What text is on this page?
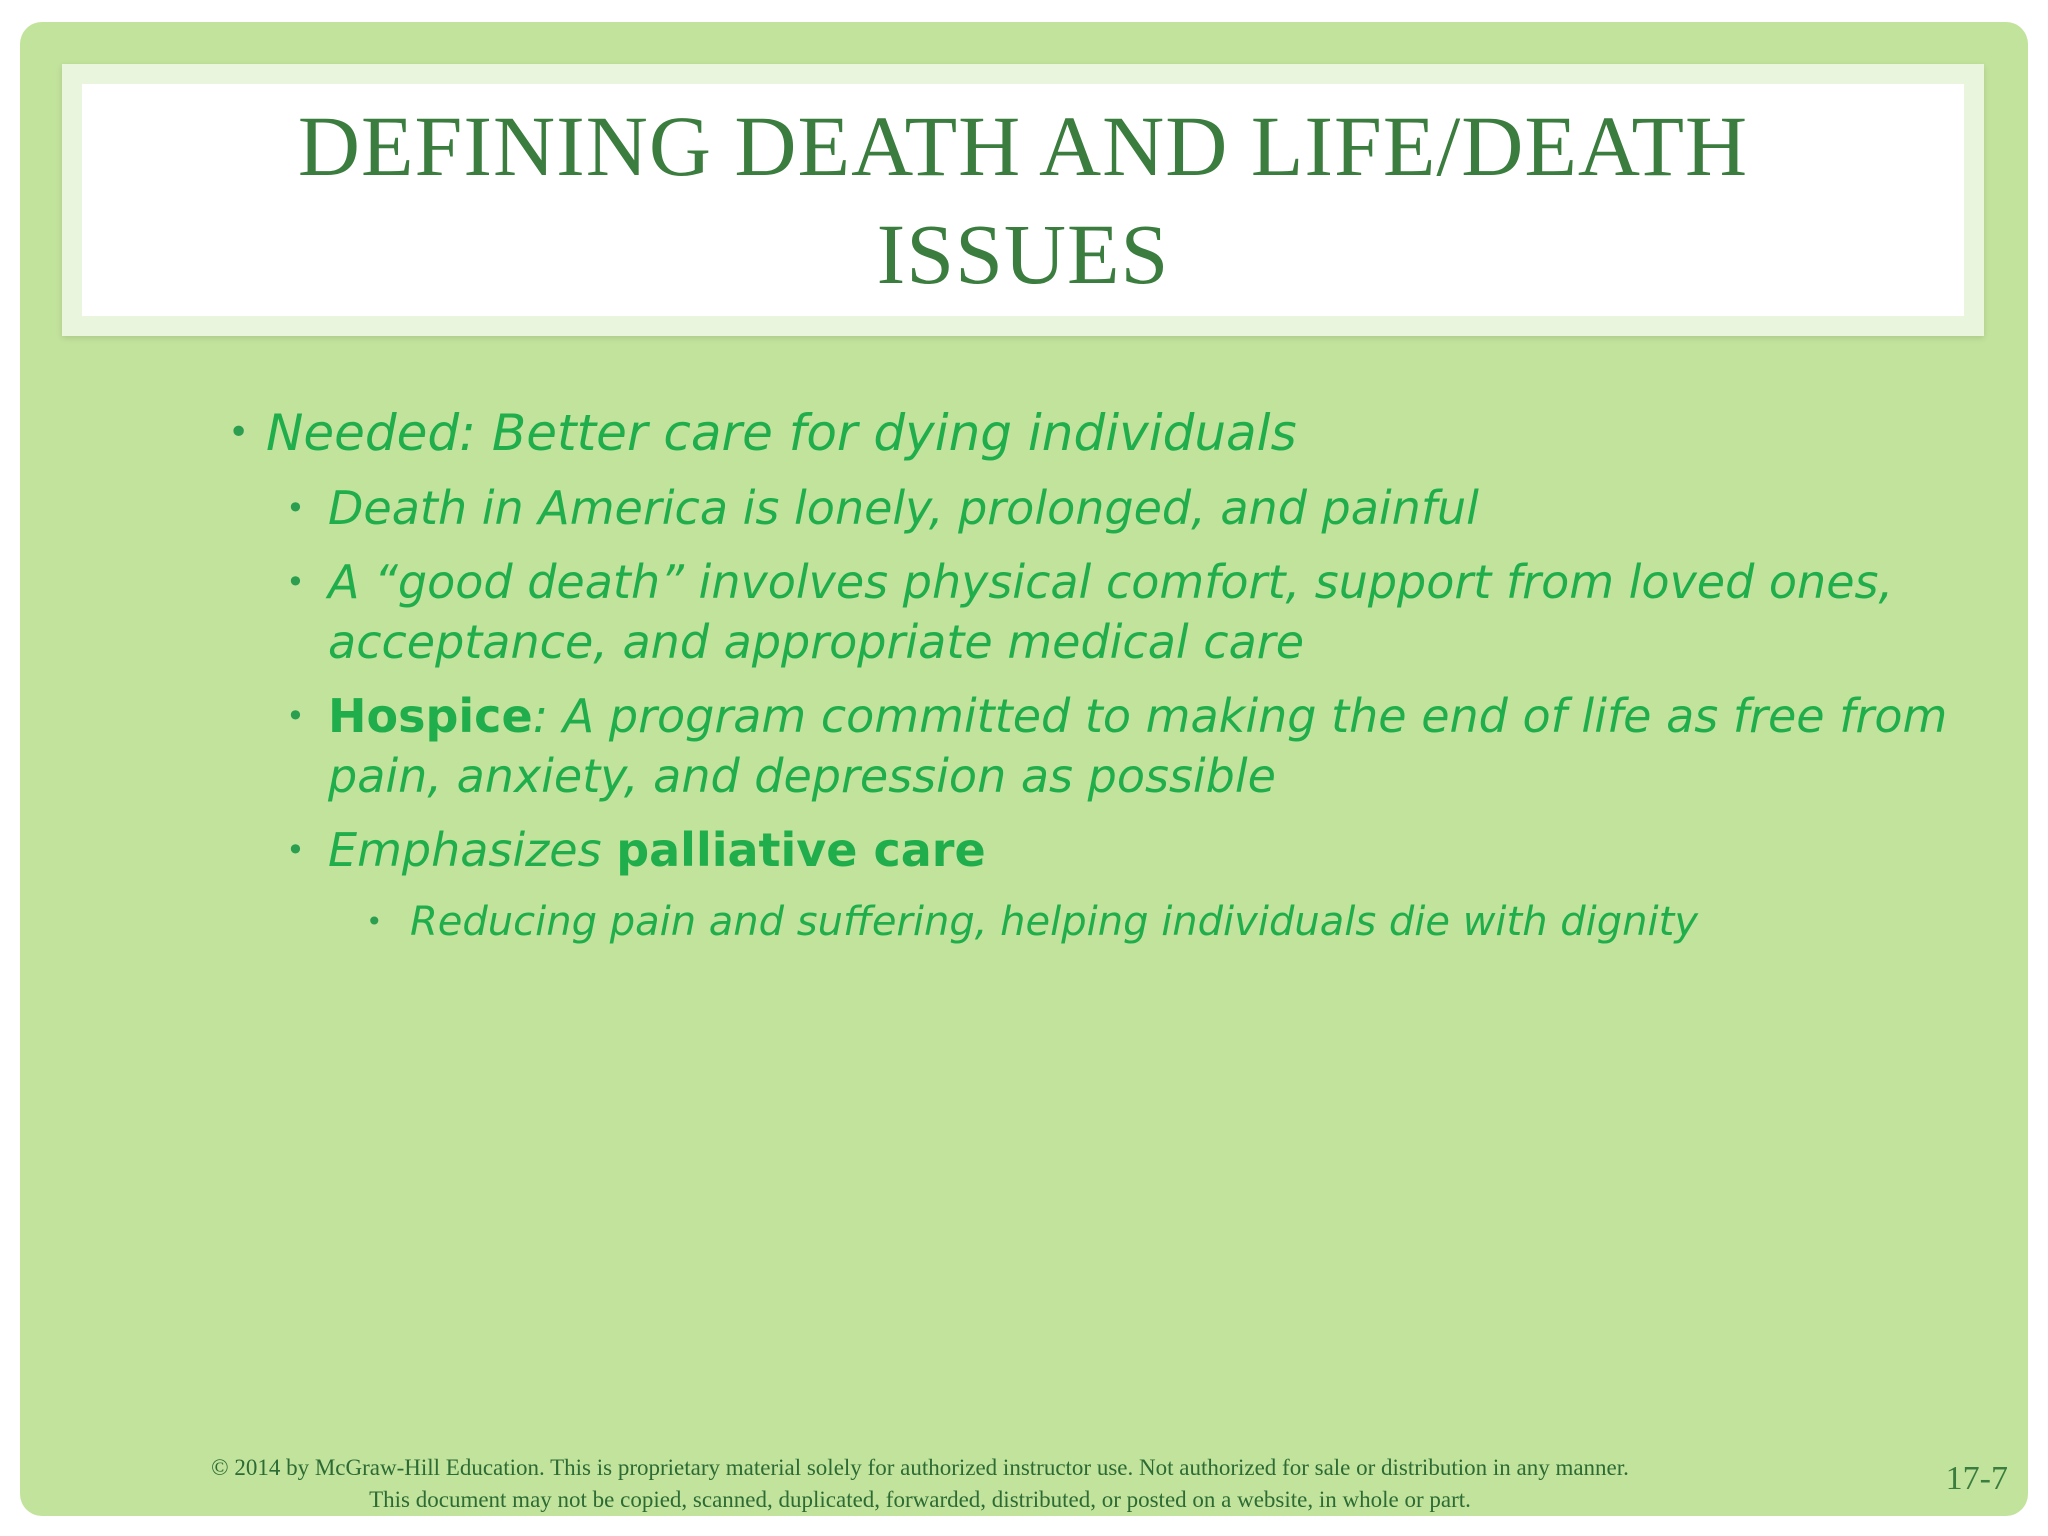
DEFINING DEATH AND LIFE/DEATH ISSUES
• Needed: Better care for dying individuals
• Death in America is lonely, prolonged, and painful
• A “good death” involves physical comfort, support from loved ones, acceptance, and appropriate medical care
• Hospice: A program committed to making the end of life as free from pain, anxiety, and depression as possible
• Emphasizes palliative care
• Reducing pain and suffering, helping individuals die with dignity
© 2014 by McGraw-Hill Education. This is proprietary material solely for authorized instructor use. Not authorized for sale or distribution in any manner.
This document may not be copied, scanned, duplicated, forwarded, distributed, or posted on a website, in whole or part.
17-7
